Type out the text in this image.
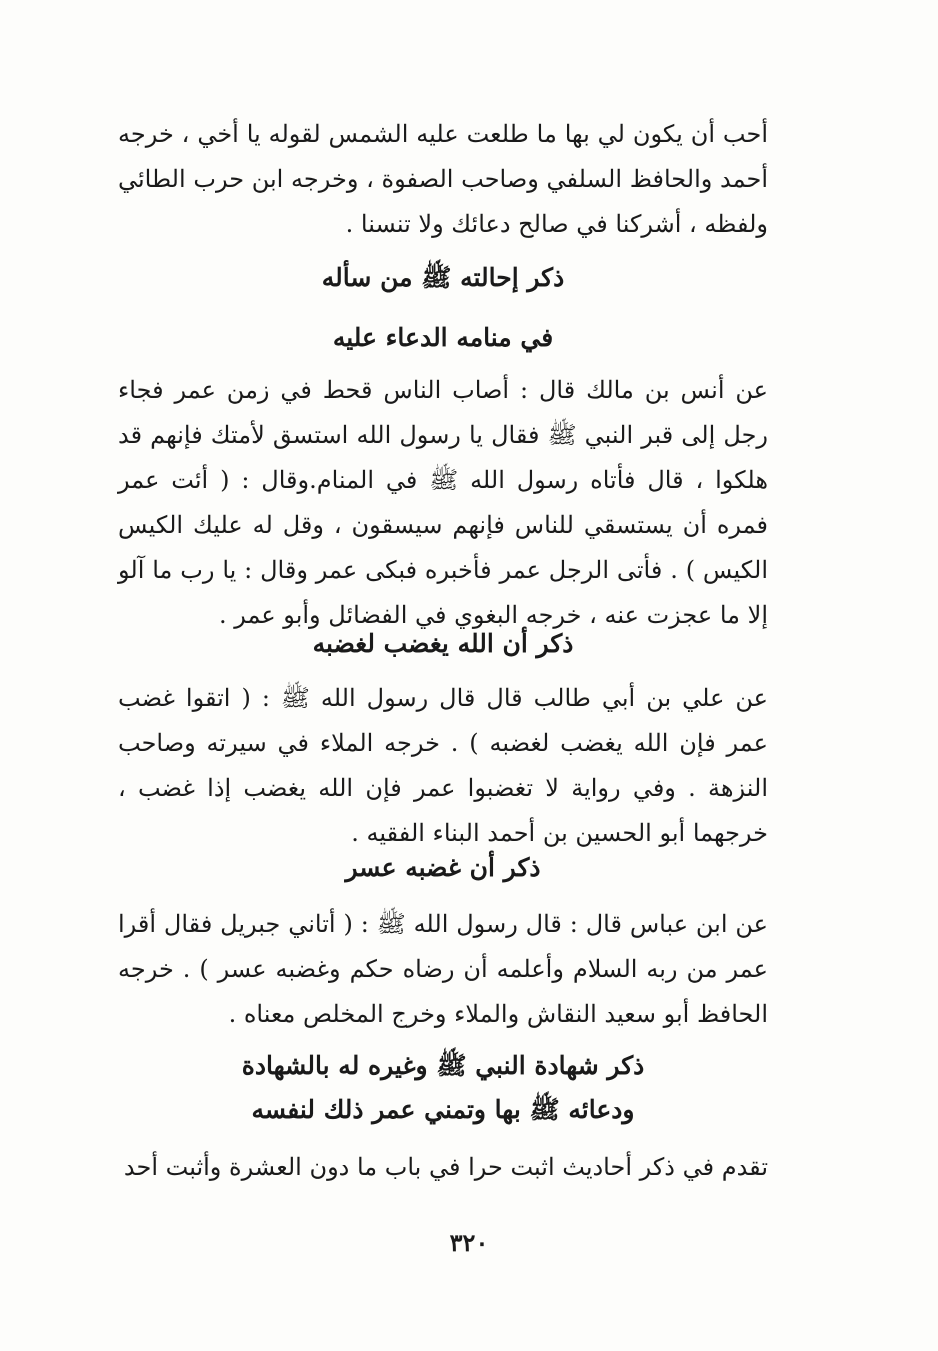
أحب أن يكون لي بها ما طلعت عليه الشمس لقوله يا أخي ، خرجه أحمد والحافظ السلفي وصاحب الصفوة ، وخرجه ابن حرب الطائي ولفظه ، أشركنا في صالح دعائك ولا تنسنا .

ذكر إحالته ﷺ من سأله
في منامه الدعاء عليه

عن أنس بن مالك قال : أصاب الناس قحط في زمن عمر فجاء رجل إلى قبر النبي ﷺ فقال يا رسول الله استسق لأمتك فإنهم قد هلكوا ، قال فأتاه رسول الله ﷺ في المنام.وقال : ( أئت عمر فمره أن يستسقي للناس فإنهم سيسقون ، وقل له عليك الكيس الكيس ) . فأتى الرجل عمر فأخبره فبكى عمر وقال : يا رب ما آلو إلا ما عجزت عنه ، خرجه البغوي في الفضائل وأبو عمر .

ذكر أن الله يغضب لغضبه

عن علي بن أبي طالب قال قال رسول الله ﷺ : ( اتقوا غضب عمر فإن الله يغضب لغضبه ) . خرجه الملاء في سيرته وصاحب النزهة . وفي رواية لا تغضبوا عمر فإن الله يغضب إذا غضب ، خرجهما أبو الحسين بن أحمد البناء الفقيه .

ذكر أن غضبه عسر

عن ابن عباس قال : قال رسول الله ﷺ : ( أتاني جبريل فقال أقرا عمر من ربه السلام وأعلمه أن رضاه حكم وغضبه عسر ) . خرجه الحافظ أبو سعيد النقاش والملاء وخرج المخلص معناه .

ذكر شهادة النبي ﷺ وغيره له بالشهادة
ودعائه ﷺ بها وتمني عمر ذلك لنفسه

تقدم في ذكر أحاديث اثبت حرا في باب ما دون العشرة وأثبت أحد

٣٢٠
